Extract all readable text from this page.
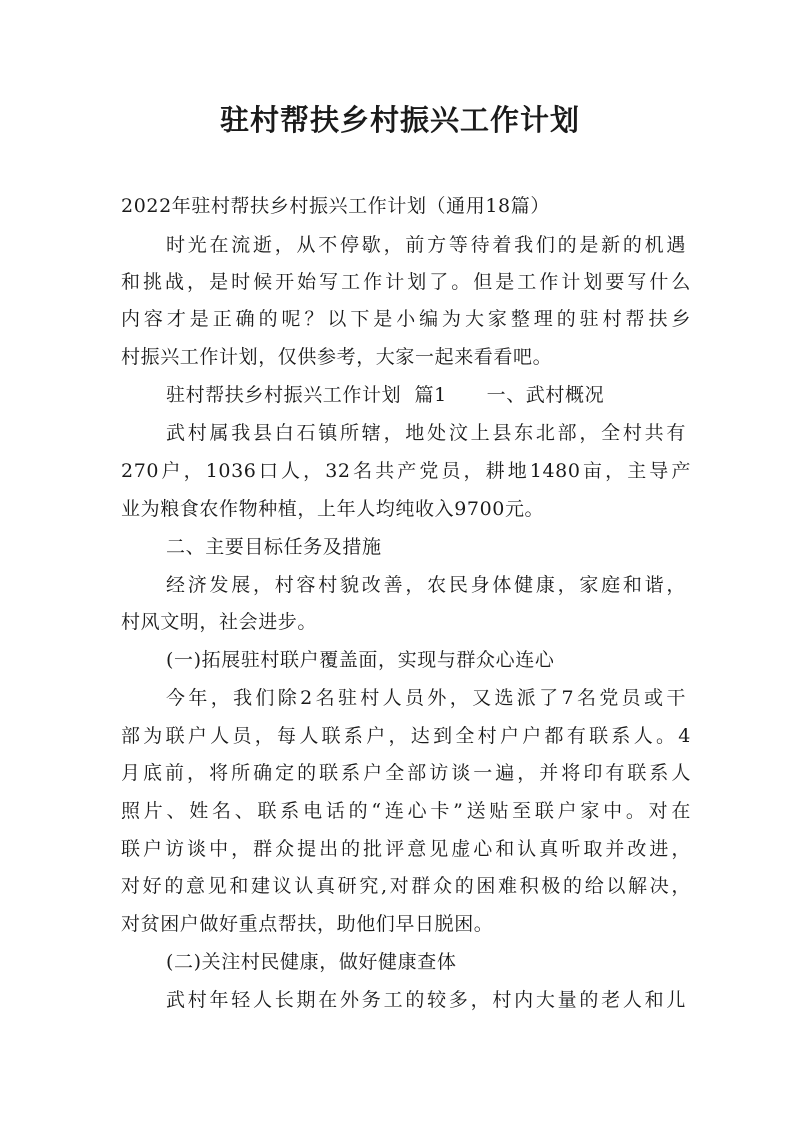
驻村帮扶乡村振兴工作计划
2022年驻村帮扶乡村振兴工作计划（通用18篇）
时光在流逝，从不停歇，前方等待着我们的是新的机遇
和挑战，是时候开始写工作计划了。但是工作计划要写什么
内容才是正确的呢？以下是小编为大家整理的驻村帮扶乡
村振兴工作计划，仅供参考，大家一起来看看吧。
驻村帮扶乡村振兴工作计划  篇1      一、武村概况
武村属我县白石镇所辖，地处汶上县东北部，全村共有
270户，1036口人，32名共产党员，耕地1480亩，主导产
业为粮食农作物种植，上年人均纯收入9700元。
二、主要目标任务及措施
经济发展，村容村貌改善，农民身体健康，家庭和谐，
村风文明，社会进步。
(一)拓展驻村联户覆盖面，实现与群众心连心
今年，我们除2名驻村人员外，又选派了7名党员或干
部为联户人员，每人联系户，达到全村户户都有联系人。4
月底前，将所确定的联系户全部访谈一遍，并将印有联系人
照片、姓名、联系电话的“连心卡”送贴至联户家中。对在
联户访谈中，群众提出的批评意见虚心和认真听取并改进，
对好的意见和建议认真研究,对群众的困难积极的给以解决，
对贫困户做好重点帮扶，助他们早日脱困。
(二)关注村民健康，做好健康查体
武村年轻人长期在外务工的较多，村内大量的老人和儿
